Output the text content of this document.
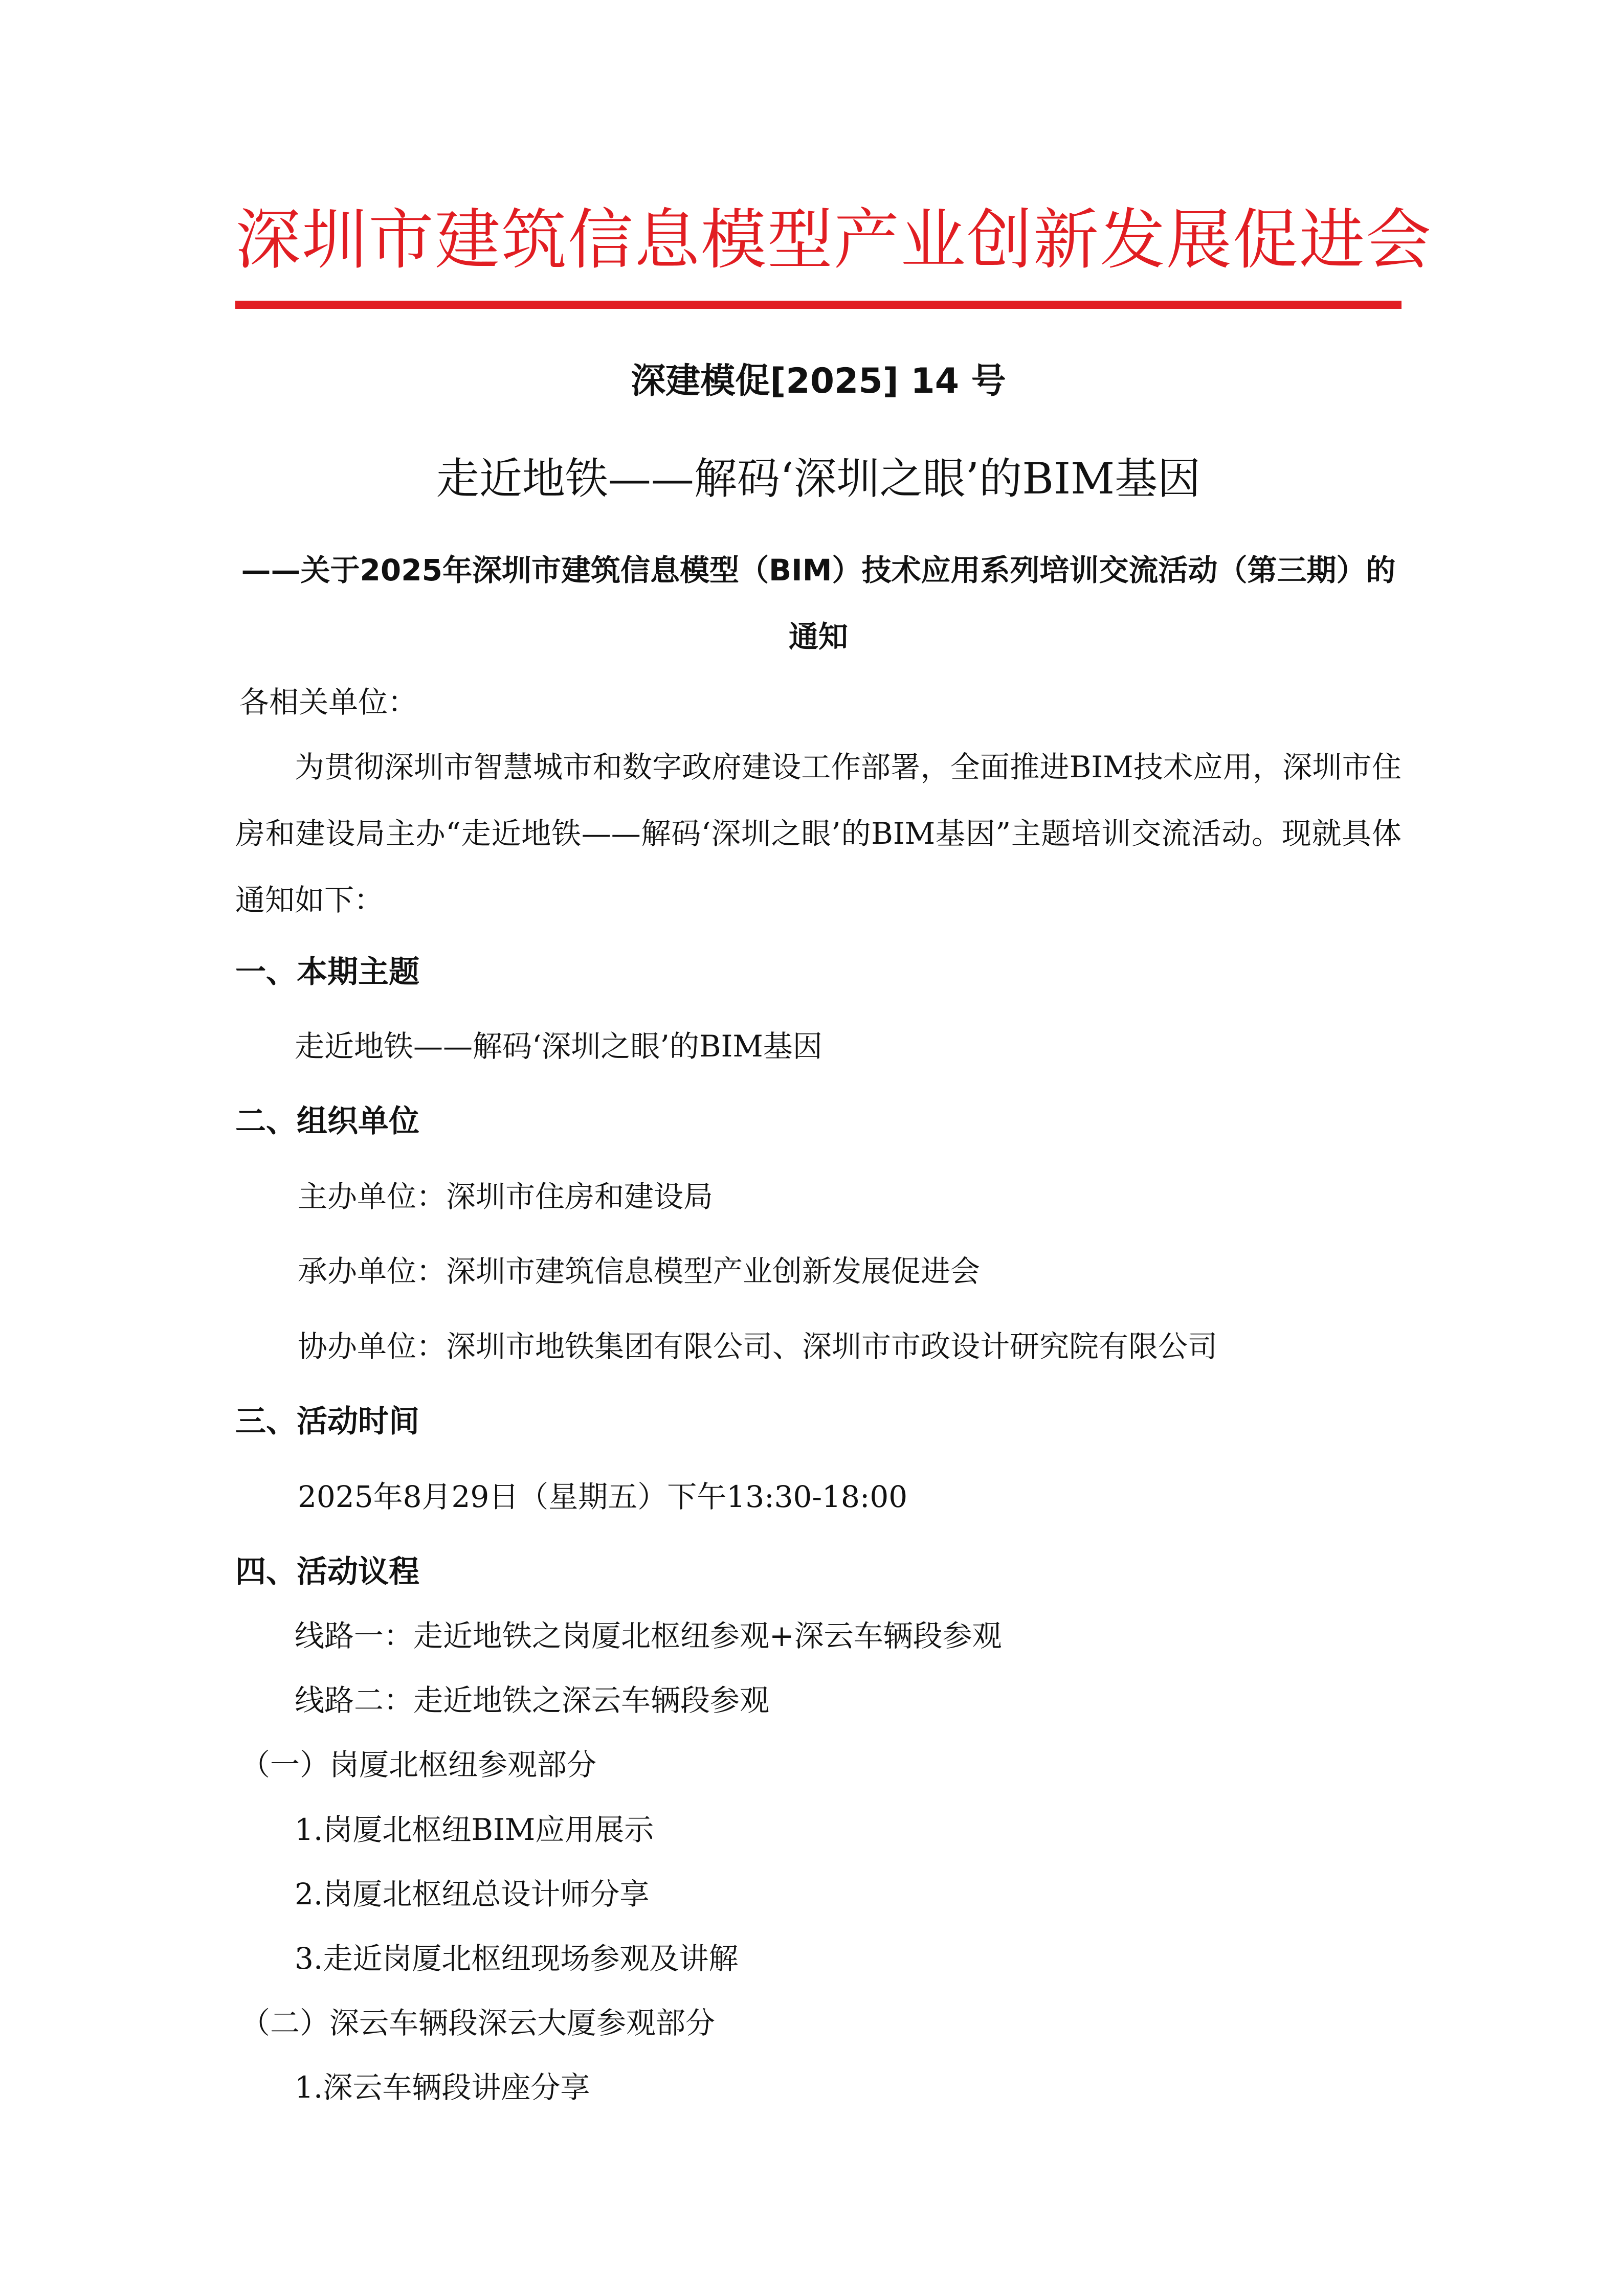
深圳市建筑信息模型产业创新发展促进会
深建模促[2025] 14 号
走近地铁——解码‘深圳之眼’的BIM基因
——关于2025年深圳市建筑信息模型（BIM）技术应用系列培训交流活动（第三期）的通知
各相关单位：
为贯彻深圳市智慧城市和数字政府建设工作部署，全面推进BIM技术应用，深圳市住房和建设局主办“走近地铁——解码‘深圳之眼’的BIM基因”主题培训交流活动。现就具体通知如下：
一、本期主题
走近地铁——解码‘深圳之眼’的BIM基因
二、组织单位
主办单位：深圳市住房和建设局
承办单位：深圳市建筑信息模型产业创新发展促进会
协办单位：深圳市地铁集团有限公司、深圳市市政设计研究院有限公司
三、活动时间
2025年8月29日（星期五）下午13:30-18:00
四、活动议程
线路一：走近地铁之岗厦北枢纽参观+深云车辆段参观
线路二：走近地铁之深云车辆段参观
（一）岗厦北枢纽参观部分
1.岗厦北枢纽BIM应用展示
2.岗厦北枢纽总设计师分享
3.走近岗厦北枢纽现场参观及讲解
（二）深云车辆段深云大厦参观部分
1.深云车辆段讲座分享
